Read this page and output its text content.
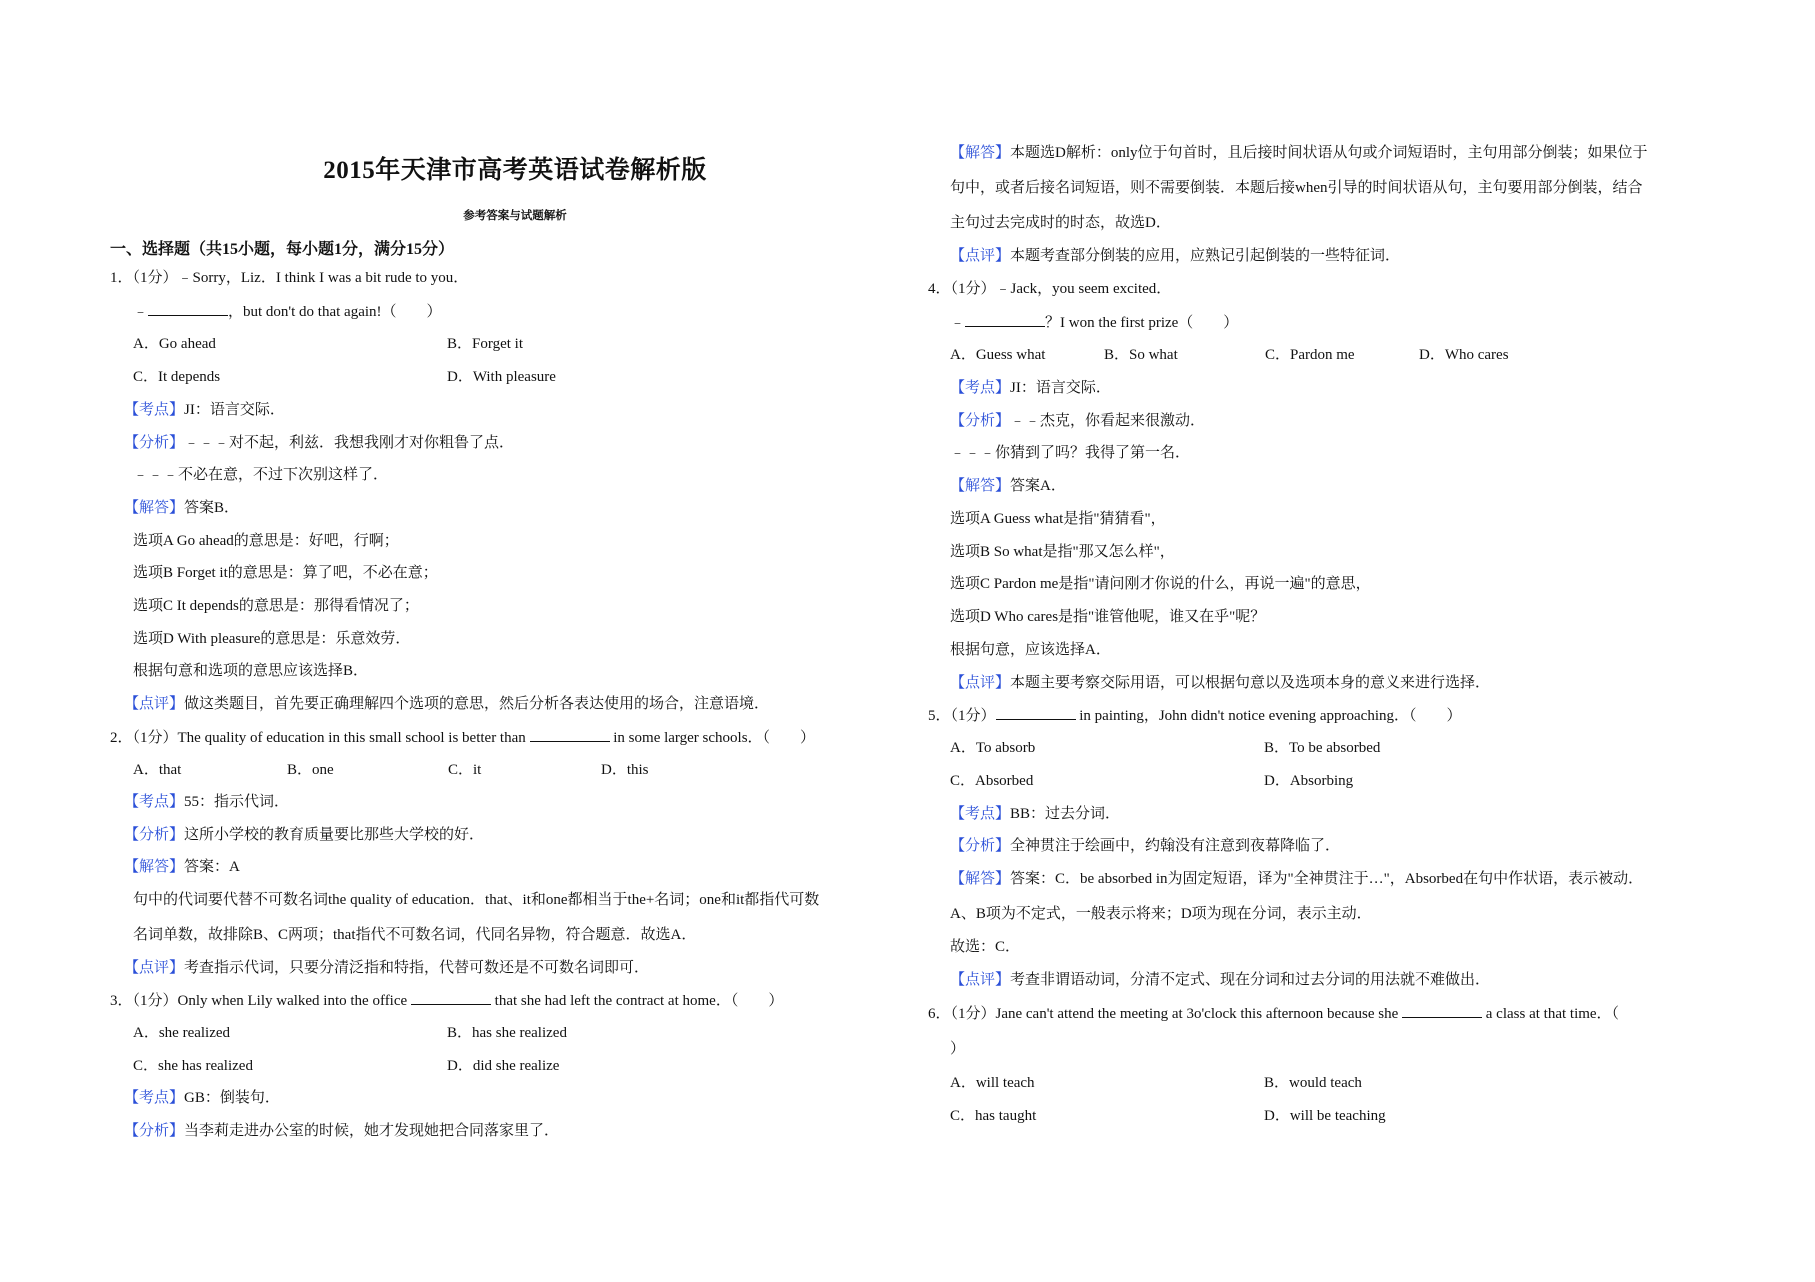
2015年天津市高考英语试卷解析版
参考答案与试题解析
一、选择题（共15小题，每小题1分，满分15分）
1．（1分）﹣Sorry，Liz．I think I was a bit rude to you．
﹣	，but don't do that again!（　　）
A．Go ahead	B．Forget it
C．It depends	D．With pleasure
【考点】JI：语言交际．
【分析】﹣﹣﹣对不起，利兹．我想我刚才对你粗鲁了点．
﹣﹣﹣不必在意，不过下次别这样了．
【解答】答案B．
选项A Go ahead的意思是：好吧，行啊；
选项B Forget it的意思是：算了吧，不必在意；
选项C It depends的意思是：那得看情况了；
选项D With pleasure的意思是：乐意效劳．
根据句意和选项的意思应该选择B．
【点评】做这类题目，首先要正确理解四个选项的意思，然后分析各表达使用的场合，注意语境．
2．（1分）The quality of education in this small school is better than	in some larger schools．（　　）
A．that	B．one	C．it	D．this
【考点】55：指示代词．
【分析】这所小学校的教育质量要比那些大学校的好．
【解答】答案：A
句中的代词要代替不可数名词the quality of education．that、it和one都相当于the+名词；one和it都指代可数
名词单数，故排除B、C两项；that指代不可数名词，代同名异物，符合题意．故选A．
【点评】考查指示代词，只要分清泛指和特指，代替可数还是不可数名词即可．
3．（1分）Only when Lily walked into the office	that she had left the contract at home．（　　）
A．she realized	B．has she realized
C．she has realized	D．did she realize
【考点】GB：倒装句．
【分析】当李莉走进办公室的时候，她才发现她把合同落家里了．
【解答】本题选D解析：only位于句首时，且后接时间状语从句或介词短语时，主句用部分倒装；如果位于
句中，或者后接名词短语，则不需要倒装．本题后接when引导的时间状语从句，主句要用部分倒装，结合
主句过去完成时的时态，故选D．
【点评】本题考查部分倒装的应用，应熟记引起倒装的一些特征词．
4．（1分）﹣Jack，you seem excited．
﹣	？I won the first prize（　　）
A．Guess what	B．So what	C．Pardon me	D．Who cares
【考点】JI：语言交际．
【分析】﹣﹣杰克，你看起来很激动．
﹣﹣﹣你猜到了吗？我得了第一名．
【解答】答案A．
选项A Guess what是指"猜猜看"，
选项B So what是指"那又怎么样"，
选项C Pardon me是指"请问刚才你说的什么，再说一遍"的意思，
选项D Who cares是指"谁管他呢，谁又在乎"呢？
根据句意，应该选择A．
【点评】本题主要考察交际用语，可以根据句意以及选项本身的意义来进行选择．
5．（1分）	in painting，John didn't notice evening approaching．（　　）
A．To absorb	B．To be absorbed
C．Absorbed	D．Absorbing
【考点】BB：过去分词．
【分析】全神贯注于绘画中，约翰没有注意到夜幕降临了．
【解答】答案：C．be absorbed in为固定短语，译为"全神贯注于…"，Absorbed在句中作状语，表示被动．
A、B项为不定式，一般表示将来；D项为现在分词，表示主动．
故选：C．
【点评】考查非谓语动词，分清不定式、现在分词和过去分词的用法就不难做出．
6．（1分）Jane can't attend the meeting at 3o'clock this afternoon because she	a class at that time．（
）
A．will teach	B．would teach
C．has taught	D．will be teaching
